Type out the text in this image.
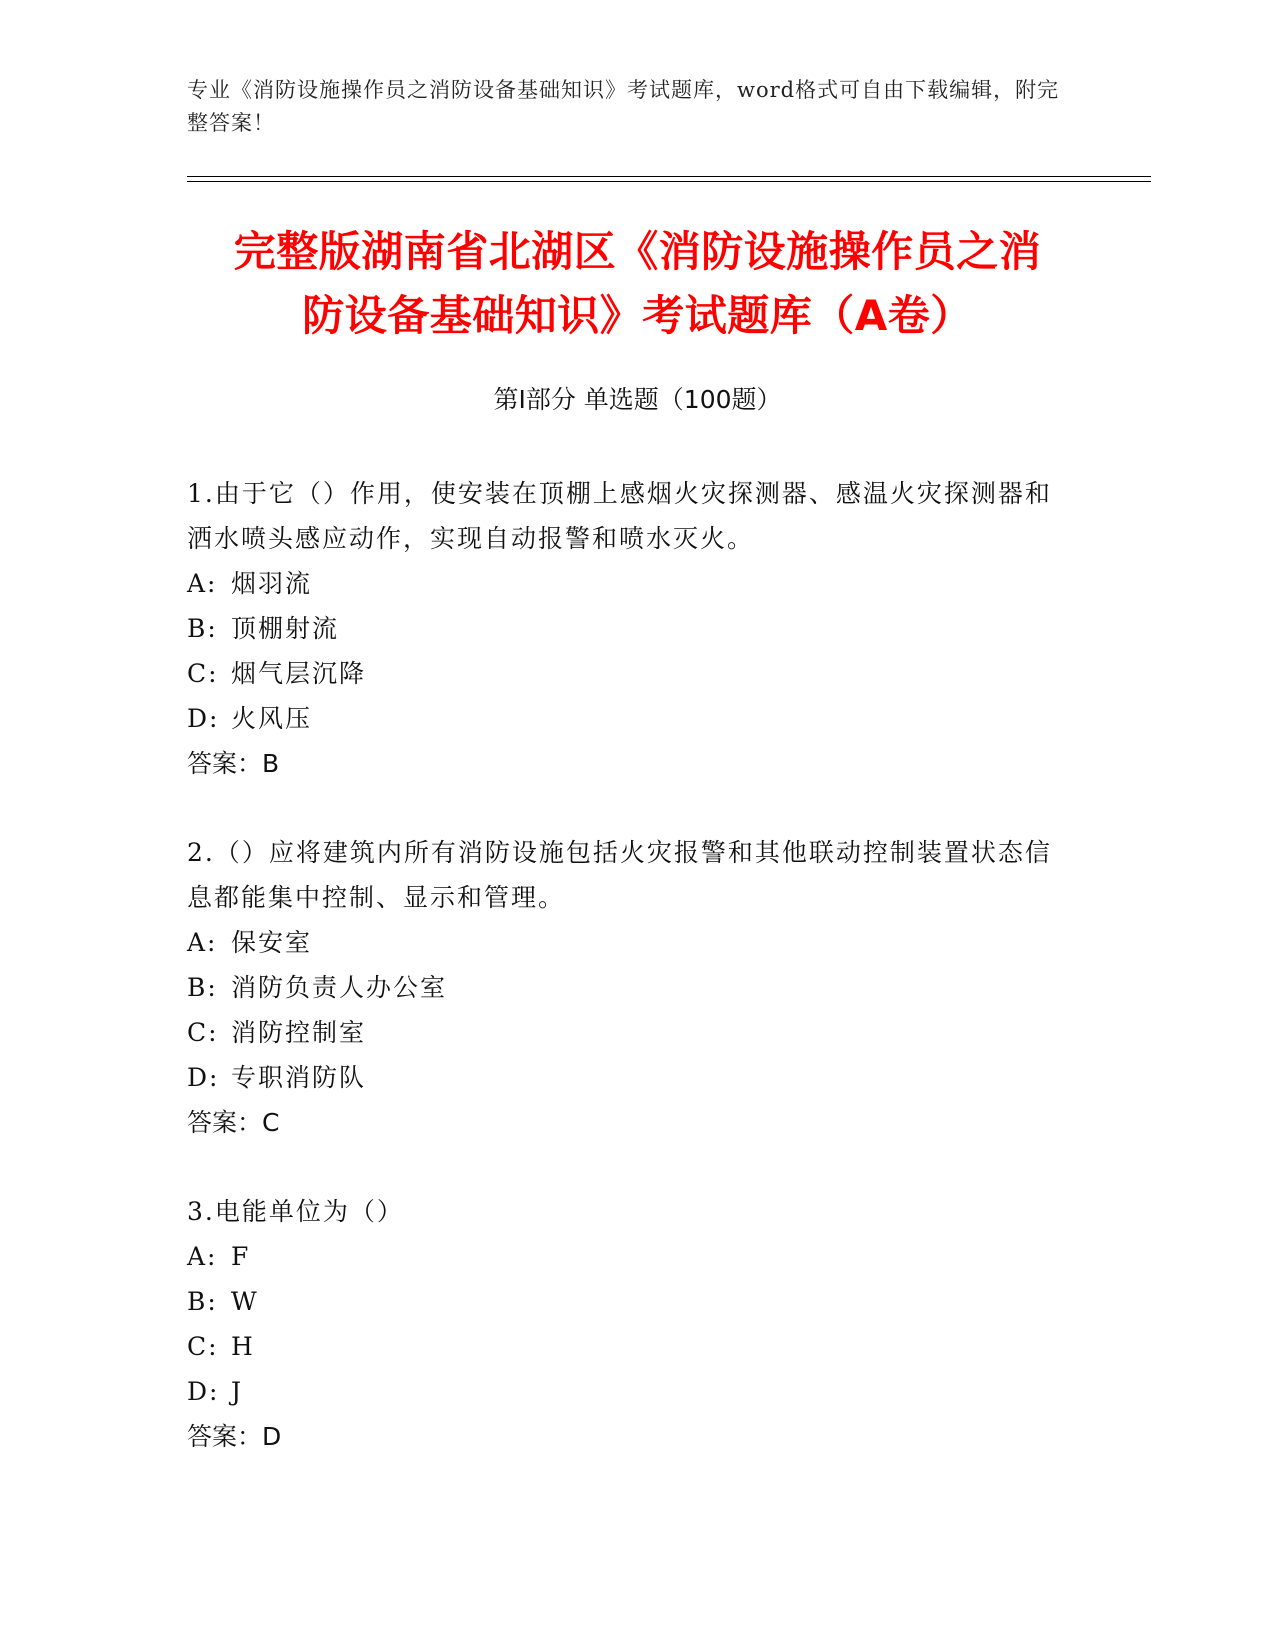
专业《消防设施操作员之消防设备基础知识》考试题库，word格式可自由下载编辑，附完整答案！
完整版湖南省北湖区《消防设施操作员之消
防设备基础知识》考试题库（A卷）
第Ⅰ部分 单选题（100题）

1.由于它（）作用，使安装在顶棚上感烟火灾探测器、感温火灾探测器和洒水喷头感应动作，实现自动报警和喷水灭火。

A: 烟羽流

B: 顶棚射流

C: 烟气层沉降

D: 火风压

答案：B

2.（）应将建筑内所有消防设施包括火灾报警和其他联动控制装置状态信息都能集中控制、显示和管理。

A: 保安室

B: 消防负责人办公室

C: 消防控制室

D: 专职消防队

答案：C

3.电能单位为（）

A: F

B: W

C: H

D: J

答案：D
